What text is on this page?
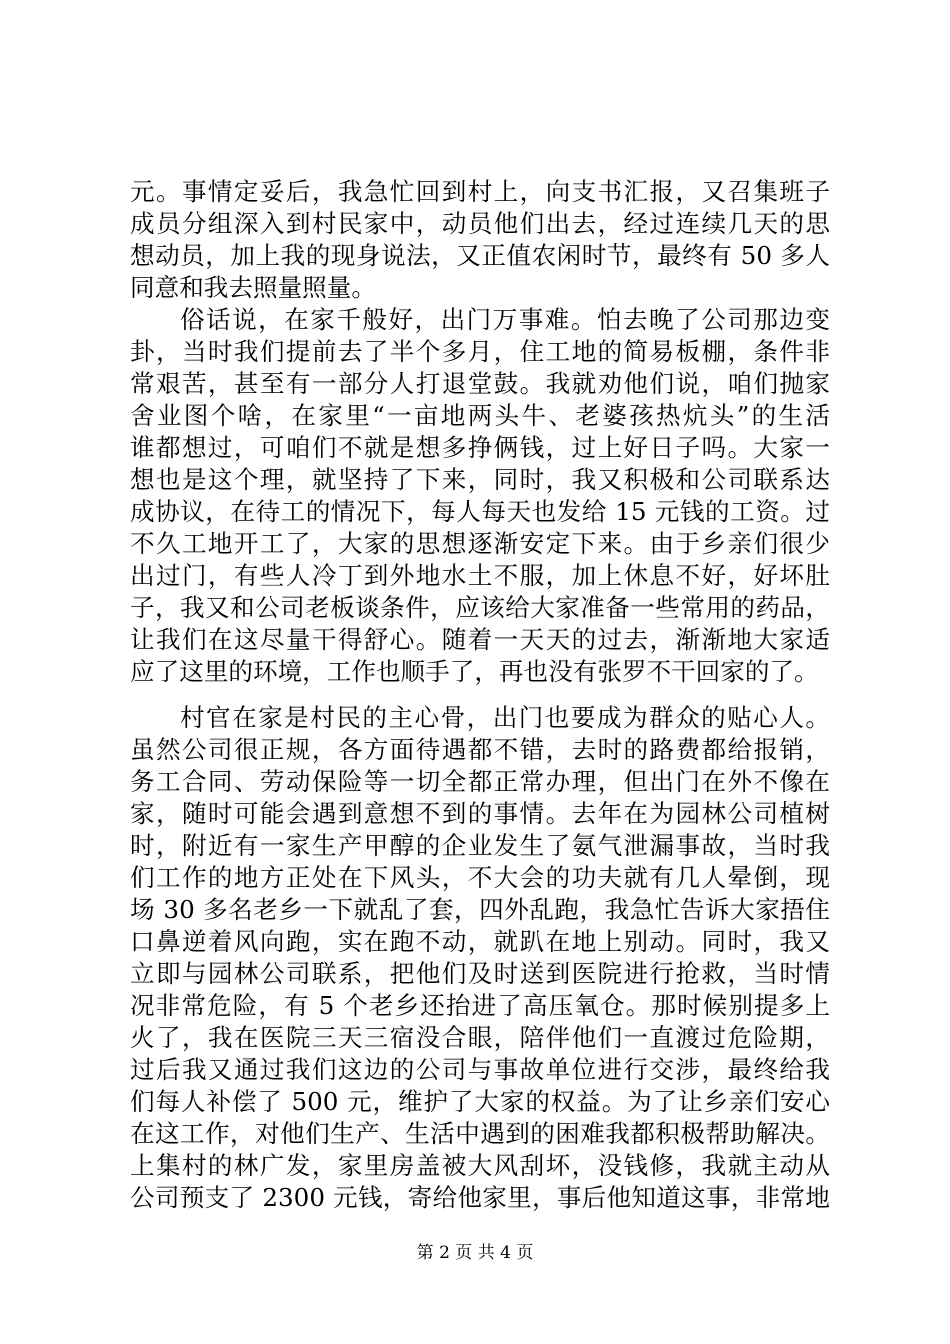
元。事情定妥后，我急忙回到村上，向支书汇报，又召集班子
成员分组深入到村民家中，动员他们出去，经过连续几天的思
想动员，加上我的现身说法，又正值农闲时节，最终有 50 多人
同意和我去照量照量。
俗话说，在家千般好，出门万事难。怕去晚了公司那边变
卦，当时我们提前去了半个多月，住工地的简易板棚，条件非
常艰苦，甚至有一部分人打退堂鼓。我就劝他们说，咱们抛家
舍业图个啥，在家里“一亩地两头牛、老婆孩热炕头”的生活
谁都想过，可咱们不就是想多挣俩钱，过上好日子吗。大家一
想也是这个理，就坚持了下来，同时，我又积极和公司联系达
成协议，在待工的情况下，每人每天也发给 15 元钱的工资。过
不久工地开工了，大家的思想逐渐安定下来。由于乡亲们很少
出过门，有些人冷丁到外地水土不服，加上休息不好，好坏肚
子，我又和公司老板谈条件，应该给大家准备一些常用的药品，
让我们在这尽量干得舒心。随着一天天的过去，渐渐地大家适
应了这里的环境，工作也顺手了，再也没有张罗不干回家的了。
村官在家是村民的主心骨，出门也要成为群众的贴心人。
虽然公司很正规，各方面待遇都不错，去时的路费都给报销，
务工合同、劳动保险等一切全都正常办理，但出门在外不像在
家，随时可能会遇到意想不到的事情。去年在为园林公司植树
时，附近有一家生产甲醇的企业发生了氨气泄漏事故，当时我
们工作的地方正处在下风头，不大会的功夫就有几人晕倒，现
场 30 多名老乡一下就乱了套，四外乱跑，我急忙告诉大家捂住
口鼻逆着风向跑，实在跑不动，就趴在地上别动。同时，我又
立即与园林公司联系，把他们及时送到医院进行抢救，当时情
况非常危险，有 5 个老乡还抬进了高压氧仓。那时候别提多上
火了，我在医院三天三宿没合眼，陪伴他们一直渡过危险期，
过后我又通过我们这边的公司与事故单位进行交涉，最终给我
们每人补偿了 500 元，维护了大家的权益。为了让乡亲们安心
在这工作，对他们生产、生活中遇到的困难我都积极帮助解决。
上集村的林广发，家里房盖被大风刮坏，没钱修，我就主动从
公司预支了 2300 元钱，寄给他家里，事后他知道这事，非常地
第 2 页 共 4 页
